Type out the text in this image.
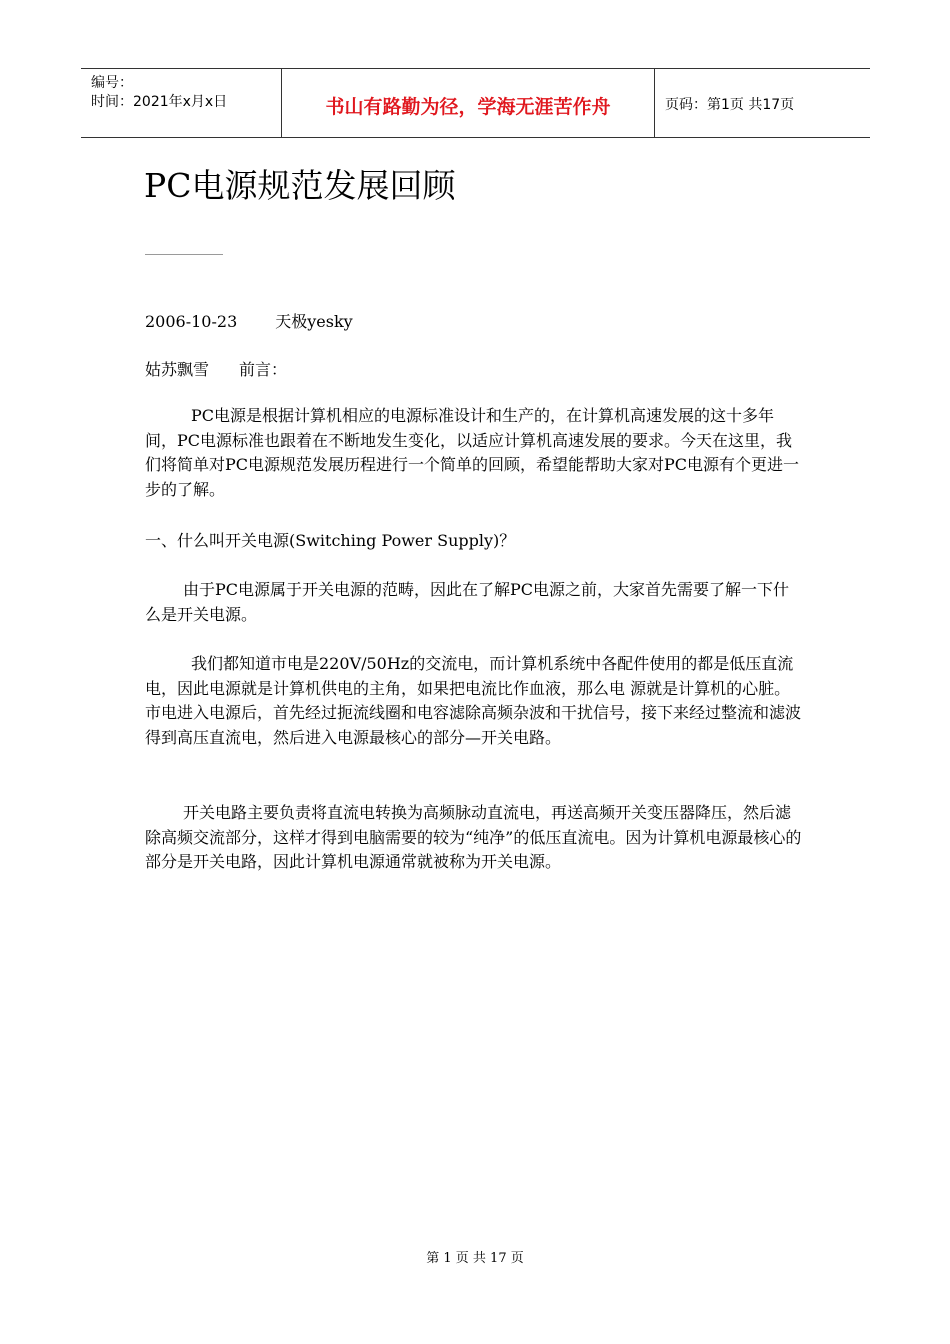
编号：
时间：2021年x月x日	书山有路勤为径，学海无涯苦作舟	页码：第1页 共17页
PC电源规范发展回顾
2006-10-23 天极yesky
姑苏飘雪 前言：
PC电源是根据计算机相应的电源标准设计和生产的，在计算机高速发展的这十多年间，PC电源标准也跟着在不断地发生变化，以适应计算机高速发展的要求。今天在这里，我们将简单对PC电源规范发展历程进行一个简单的回顾，希望能帮助大家对PC电源有个更进一步的了解。
一、什么叫开关电源(Switching Power Supply)？
由于PC电源属于开关电源的范畴，因此在了解PC电源之前，大家首先需要了解一下什么是开关电源。
我们都知道市电是220V/50Hz的交流电，而计算机系统中各配件使用的都是低压直流电，因此电源就是计算机供电的主角，如果把电流比作血液，那么电 源就是计算机的心脏。 市电进入电源后，首先经过扼流线圈和电容滤除高频杂波和干扰信号，接下来经过整流和滤波得到高压直流电，然后进入电源最核心的部分—开关电路。
开关电路主要负责将直流电转换为高频脉动直流电，再送高频开关变压器降压，然后滤除高频交流部分，这样才得到电脑需要的较为“纯净”的低压直流电。因为计算机电源最核心的部分是开关电路，因此计算机电源通常就被称为开关电源。
第 1 页 共 17 页
